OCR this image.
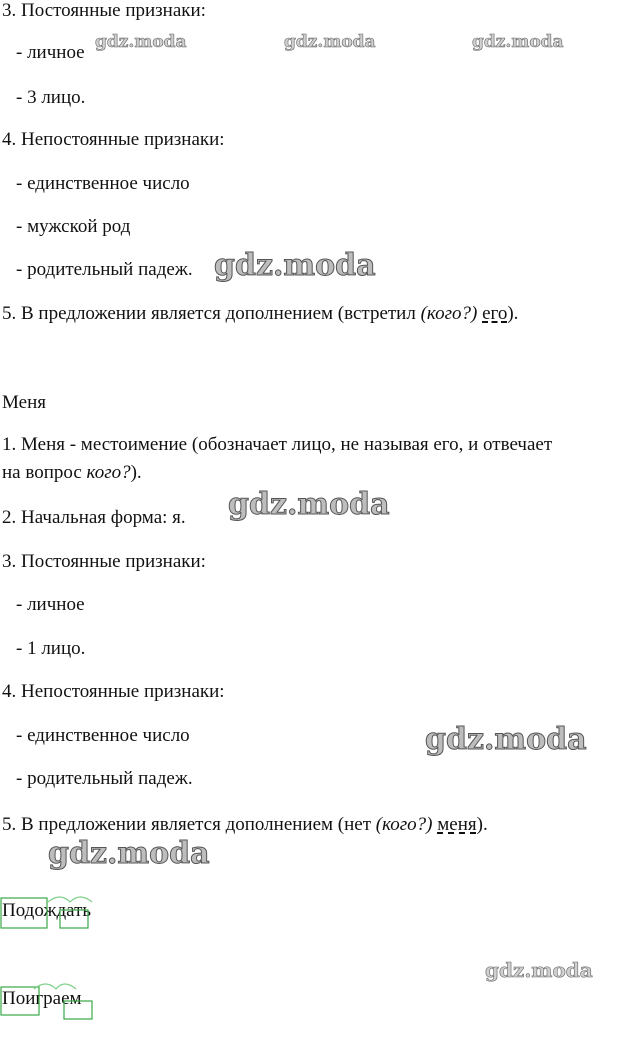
3. Постоянные признаки:
- личное
- 3 лицо.
4. Непостоянные признаки:
- единственное число
- мужской род
- родительный падеж.
5. В предложении является дополнением (встретил (кого?) его).
Меня
1. Меня - местоимение (обозначает лицо, не называя его, и отвечает
на вопрос кого?).
2. Начальная форма: я.
3. Постоянные признаки:
- личное
- 1 лицо.
4. Непостоянные признаки:
- единственное число
- родительный падеж.
5. В предложении является дополнением (нет (кого?) меня).
Подождать
Поиграем
gdz.moda	gdz.moda	gdz.moda
gdz.moda
gdz.moda
gdz.moda
gdz.moda
gdz.moda
